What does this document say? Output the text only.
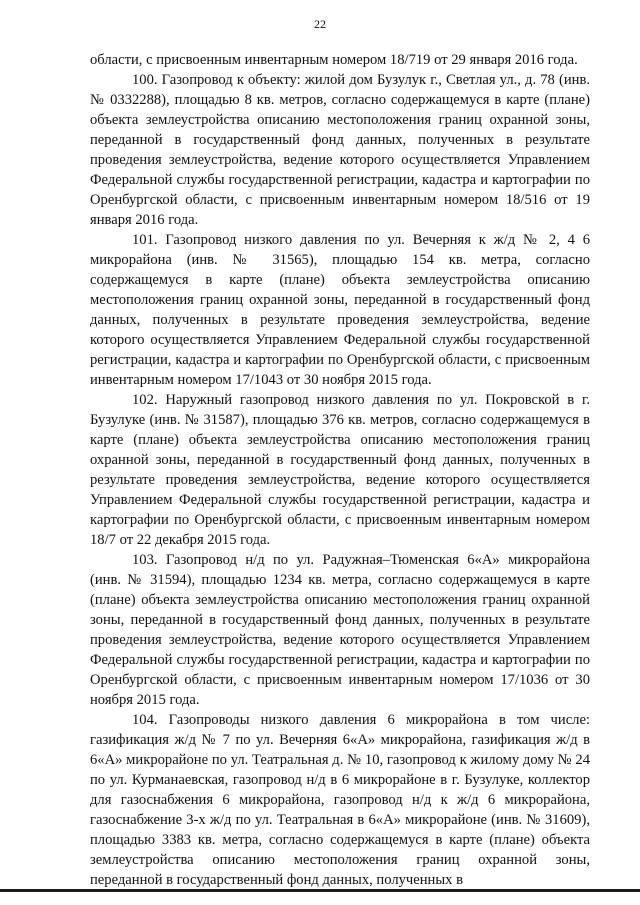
22

области, с присвоенным инвентарным номером 18/719 от 29 января 2016 года.

100. Газопровод к объекту: жилой дом Бузулук г., Светлая ул., д. 78 (инв. № 0332288), площадью 8 кв. метров, согласно содержащемуся в карте (плане) объекта землеустройства описанию местоположения границ охранной зоны, переданной в государственный фонд данных, полученных в результате проведения землеустройства, ведение которого осуществляется Управлением Федеральной службы государственной регистрации, кадастра и картографии по Оренбургской области, с присвоенным инвентарным номером 18/516 от 19 января 2016 года.

101. Газопровод низкого давления по ул. Вечерняя к ж/д № 2, 4 6 микрорайона (инв. № 31565), площадью 154 кв. метра, согласно содержащемуся в карте (плане) объекта землеустройства описанию местоположения границ охранной зоны, переданной в государственный фонд данных, полученных в результате проведения землеустройства, ведение которого осуществляется Управлением Федеральной службы государственной регистрации, кадастра и картографии по Оренбургской области, с присвоенным инвентарным номером 17/1043 от 30 ноября 2015 года.

102. Наружный газопровод низкого давления по ул. Покровской в г. Бузулуке (инв. № 31587), площадью 376 кв. метров, согласно содержащемуся в карте (плане) объекта землеустройства описанию местоположения границ охранной зоны, переданной в государственный фонд данных, полученных в результате проведения землеустройства, ведение которого осуществляется Управлением Федеральной службы государственной регистрации, кадастра и картографии по Оренбургской области, с присвоенным инвентарным номером 18/7 от 22 декабря 2015 года.

103. Газопровод н/д по ул. Радужная–Тюменская 6«А» микрорайона (инв. № 31594), площадью 1234 кв. метра, согласно содержащемуся в карте (плане) объекта землеустройства описанию местоположения границ охранной зоны, переданной в государственный фонд данных, полученных в результате проведения землеустройства, ведение которого осуществляется Управлением Федеральной службы государственной регистрации, кадастра и картографии по Оренбургской области, с присвоенным инвентарным номером 17/1036 от 30 ноября 2015 года.

104. Газопроводы низкого давления 6 микрорайона в том числе: газификация ж/д № 7 по ул. Вечерняя 6«А» микрорайона, газификация ж/д в 6«А» микрорайоне по ул. Театральная д. № 10, газопровод к жилому дому № 24 по ул. Курманаевская, газопровод н/д в 6 микрорайоне в г. Бузулуке, коллектор для газоснабжения 6 микрорайона, газопровод н/д к ж/д 6 микрорайона, газоснабжение 3-х ж/д по ул. Театральная в 6«А» микрорайоне (инв. № 31609), площадью 3383 кв. метра, согласно содержащемуся в карте (плане) объекта землеустройства описанию местоположения границ охранной зоны, переданной в государственный фонд данных, полученных в
